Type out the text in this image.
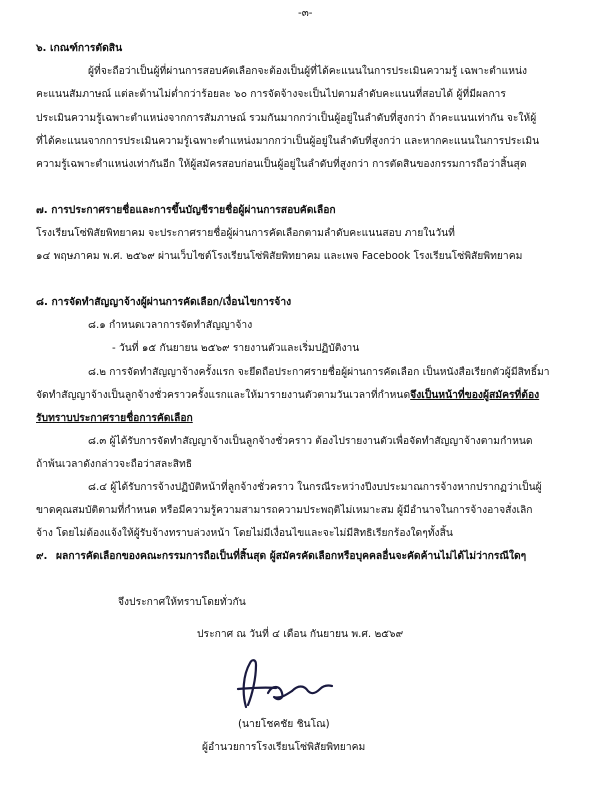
-๓-
๖. เกณฑ์การตัดสิน
ผู้ที่จะถือว่าเป็นผู้ที่ผ่านการสอบคัดเลือกจะต้องเป็นผู้ที่ได้คะแนนในการประเมินความรู้ เฉพาะตำแหน่ง
คะแนนสัมภาษณ์ แต่ละด้านไม่ต่ำกว่าร้อยละ ๖๐ การจัดจ้างจะเป็นไปตามลำดับคะแนนที่สอบได้ ผู้ที่มีผลการ
ประเมินความรู้เฉพาะตำแหน่งจากการสัมภาษณ์ รวมกันมากกว่าเป็นผู้อยู่ในลำดับที่สูงกว่า ถ้าคะแนนเท่ากัน จะให้ผู้
ที่ได้คะแนนจากการประเมินความรู้เฉพาะตำแหน่งมากกว่าเป็นผู้อยู่ในลำดับที่สูงกว่า และหากคะแนนในการประเมิน
ความรู้เฉพาะตำแหน่งเท่ากันอีก ให้ผู้สมัครสอบก่อนเป็นผู้อยู่ในลำดับที่สูงกว่า การตัดสินของกรรมการถือว่าสิ้นสุด
๗. การประกาศรายชื่อและการขึ้นบัญชีรายชื่อผู้ผ่านการสอบคัดเลือก
โรงเรียนโซ่พิสัยพิทยาคม จะประกาศรายชื่อผู้ผ่านการคัดเลือกตามลำดับคะแนนสอบ ภายในวันที่
๑๔ พฤษภาคม พ.ศ. ๒๕๖๙ ผ่านเว็บไซต์โรงเรียนโซ่พิสัยพิทยาคม และเพจ Facebook โรงเรียนโซ่พิสัยพิทยาคม
๘. การจัดทำสัญญาจ้างผู้ผ่านการคัดเลือก/เงื่อนไขการจ้าง
๘.๑ กำหนดเวลาการจัดทำสัญญาจ้าง
- วันที่ ๑๕ กันยายน ๒๕๖๙ รายงานตัวและเริ่มปฏิบัติงาน
๘.๒ การจัดทำสัญญาจ้างครั้งแรก จะยึดถือประกาศรายชื่อผู้ผ่านการคัดเลือก เป็นหนังสือเรียกตัวผู้มีสิทธิ์มา
จัดทำสัญญาจ้างเป็นลูกจ้างชั่วคราวครั้งแรกและให้มารายงานตัวตามวันเวลาที่กำหนดจึงเป็นหน้าที่ของผู้สมัครที่ต้อง
รับทราบประกาศรายชื่อการคัดเลือก
๘.๓ ผู้ได้รับการจัดทำสัญญาจ้างเป็นลูกจ้างชั่วคราว ต้องไปรายงานตัวเพื่อจัดทำสัญญาจ้างตามกำหนด
ถ้าพ้นเวลาดังกล่าวจะถือว่าสละสิทธิ
๘.๔ ผู้ได้รับการจ้างปฏิบัติหน้าที่ลูกจ้างชั่วคราว ในกรณีระหว่างปีงบประมาณการจ้างหากปรากฏว่าเป็นผู้
ขาดคุณสมบัติตามที่กำหนด หรือมีความรู้ความสามารถความประพฤติไม่เหมาะสม ผู้มีอำนาจในการจ้างอาจสั่งเลิก
จ้าง โดยไม่ต้องแจ้งให้ผู้รับจ้างทราบล่วงหน้า โดยไม่มีเงื่อนไขและจะไม่มีสิทธิเรียกร้องใดๆทั้งสิ้น
๙. ผลการคัดเลือกของคณะกรรมการถือเป็นที่สิ้นสุด ผู้สมัครคัดเลือกหรือบุคคลอื่นจะคัดค้านไม่ได้ไม่ว่ากรณีใดๆ
จึงประกาศให้ทราบโดยทั่วกัน
ประกาศ ณ วันที่ ๔ เดือน กันยายน พ.ศ. ๒๕๖๙
(นายโชคชัย ชินโณ)
ผู้อำนวยการโรงเรียนโซ่พิสัยพิทยาคม
